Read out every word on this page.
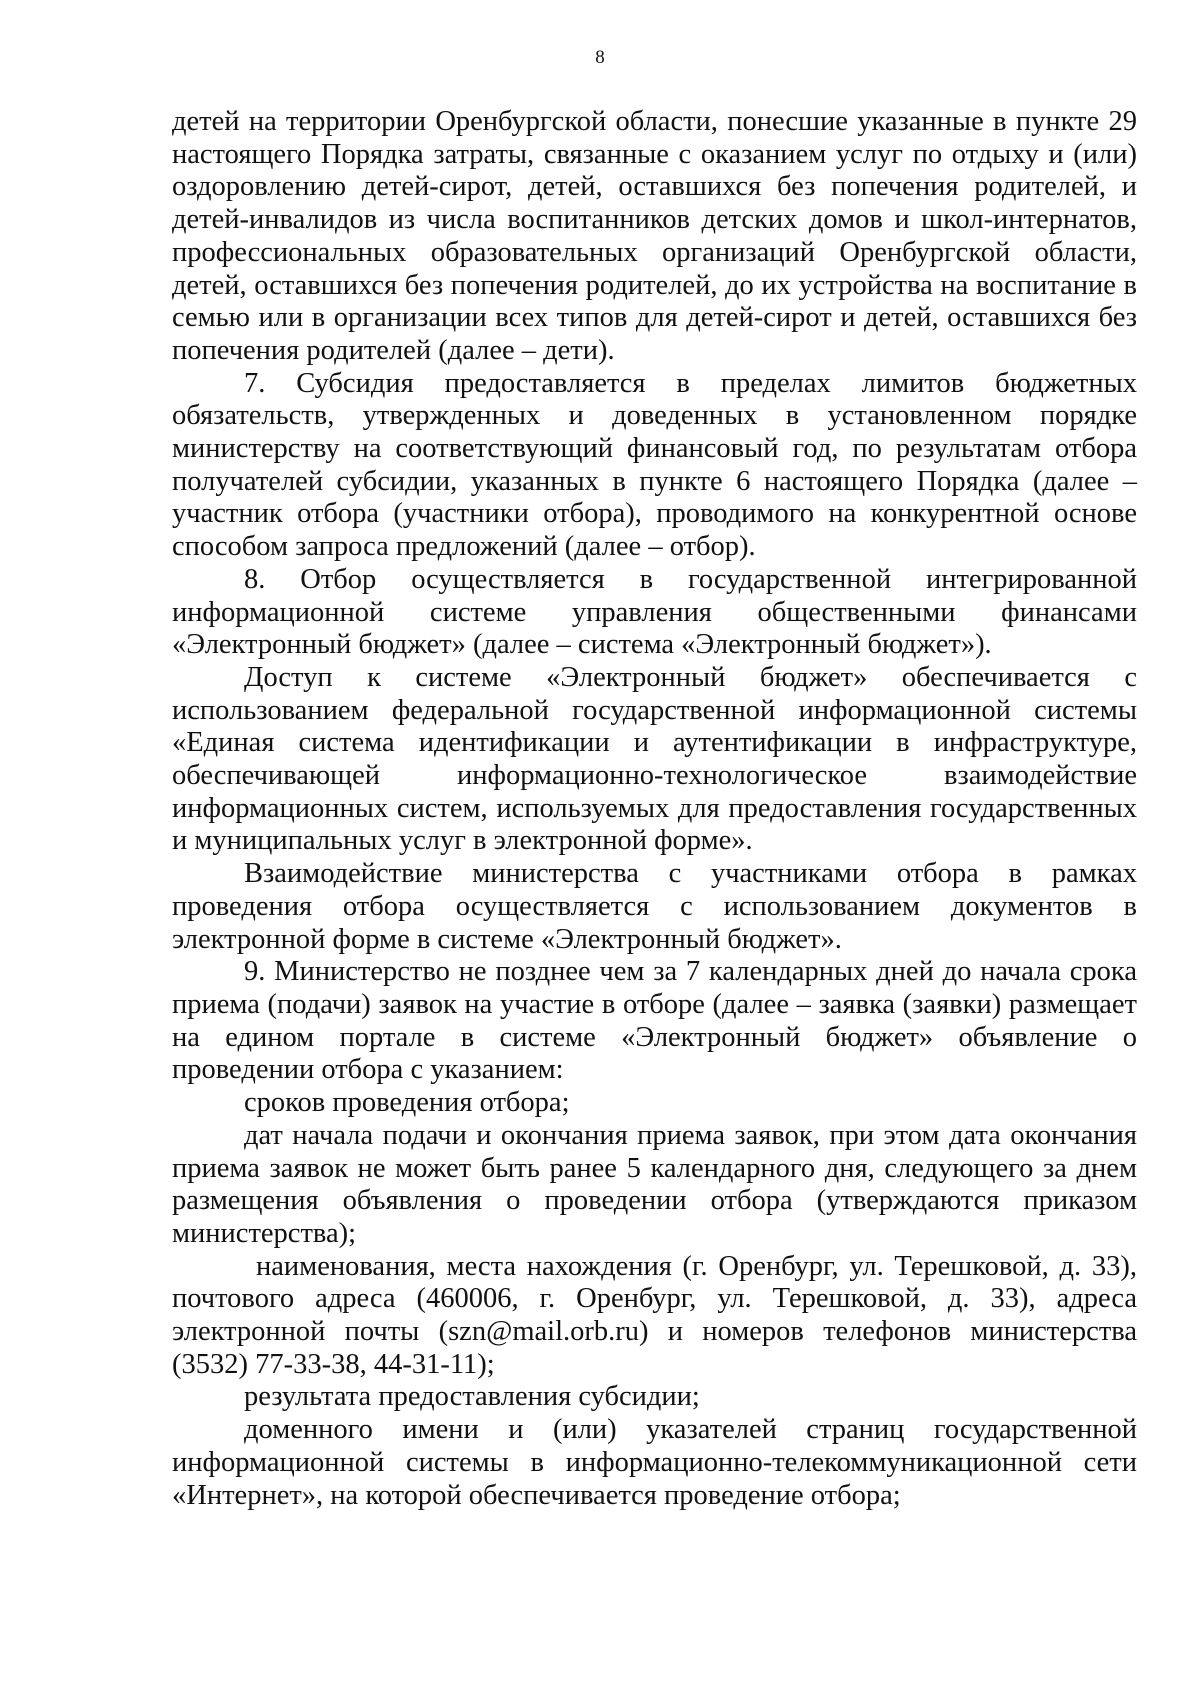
8

детей на территории Оренбургской области, понесшие указанные в пункте 29 настоящего Порядка затраты, связанные с оказанием услуг по отдыху и (или) оздоровлению детей-сирот, детей, оставшихся без попечения родителей, и детей-инвалидов из числа воспитанников детских домов и школ-интернатов, профессиональных образовательных организаций Оренбургской области, детей, оставшихся без попечения родителей, до их устройства на воспитание в семью или в организации всех типов для детей-сирот и детей, оставшихся без попечения родителей (далее – дети).

7. Субсидия предоставляется в пределах лимитов бюджетных обязательств, утвержденных и доведенных в установленном порядке министерству на соответствующий финансовый год, по результатам отбора получателей субсидии, указанных в пункте 6 настоящего Порядка (далее – участник отбора (участники отбора), проводимого на конкурентной основе способом запроса предложений (далее – отбор).

8. Отбор осуществляется в государственной интегрированной информационной системе управления общественными финансами «Электронный бюджет» (далее – система «Электронный бюджет»).

Доступ к системе «Электронный бюджет» обеспечивается с использованием федеральной государственной информационной системы «Единая система идентификации и аутентификации в инфраструктуре, обеспечивающей информационно-технологическое взаимодействие информационных систем, используемых для предоставления государственных и муниципальных услуг в электронной форме».

Взаимодействие министерства с участниками отбора в рамках проведения отбора осуществляется с использованием документов в электронной форме в системе «Электронный бюджет».

9. Министерство не позднее чем за 7 календарных дней до начала срока приема (подачи) заявок на участие в отборе (далее – заявка (заявки) размещает на едином портале в системе «Электронный бюджет» объявление о проведении отбора с указанием:

сроков проведения отбора;

дат начала подачи и окончания приема заявок, при этом дата окончания приема заявок не может быть ранее 5 календарного дня, следующего за днем размещения объявления о проведении отбора (утверждаются приказом министерства);

наименования, места нахождения (г. Оренбург, ул. Терешковой, д. 33), почтового адреса (460006, г. Оренбург, ул. Терешковой, д. 33), адреса электронной почты (szn@mail.orb.ru) и номеров телефонов министерства (3532) 77-33-38, 44-31-11);

результата предоставления субсидии;

доменного имени и (или) указателей страниц государственной информационной системы в информационно-телекоммуникационной сети «Интернет», на которой обеспечивается проведение отбора;
